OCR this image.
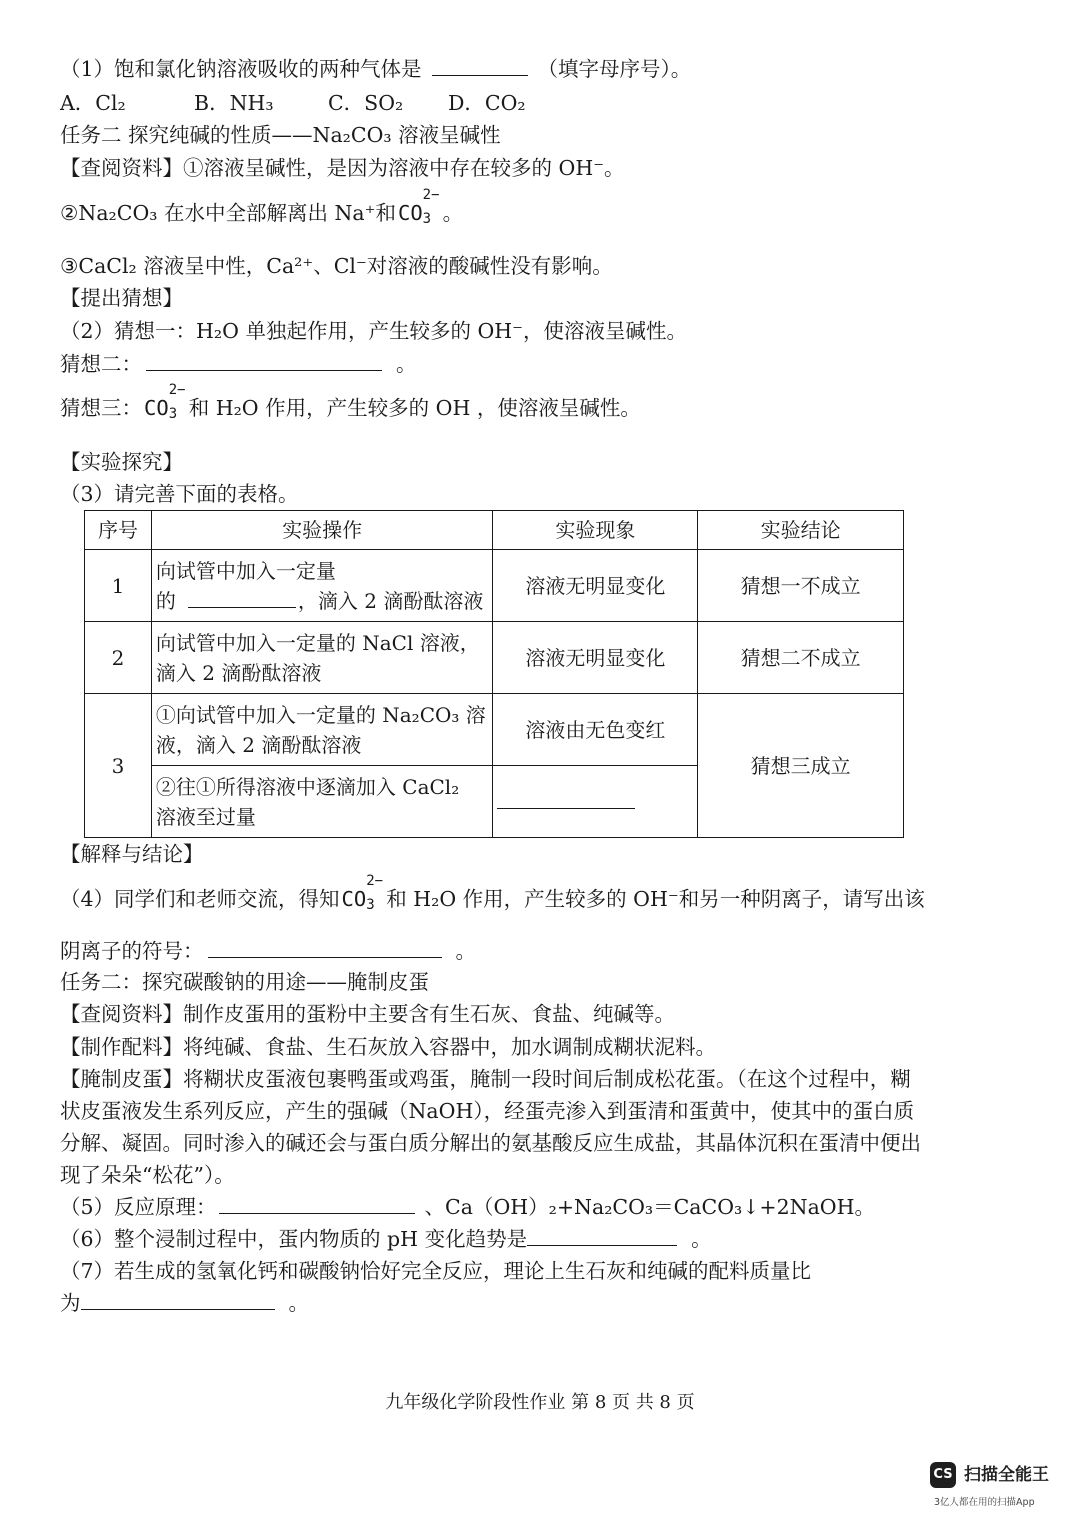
（1）饱和氯化钠溶液吸收的两种气体是	（填字母序号）。
A．Cl₂	B．NH₃	C．SO₂ D．CO₂
任务二 探究纯碱的性质——Na₂CO₃ 溶液呈碱性
【查阅资料】①溶液呈碱性，是因为溶液中存在较多的 OH⁻。
②Na₂CO₃ 在水中全部解离出 Na⁺和CO
2−
3 。
③CaCl₂ 溶液呈中性，Ca²⁺、Cl⁻对溶液的酸碱性没有影响。
【提出猜想】
（2）猜想一：H₂O 单独起作用，产生较多的 OH⁻，使溶液呈碱性。
猜想二：	。
猜想三：CO
2−
3 和 H₂O 作用，产生较多的 OH ，使溶液呈碱性。
【实验探究】
（3）请完善下面的表格。
序号	实验操作	实验现象	实验结论
1	向试管中加入一定量
的 ，滴入 2 滴酚酞溶液	溶液无明显变化	猜想一不成立
2	向试管中加入一定量的 NaCl 溶液，
滴入 2 滴酚酞溶液	溶液无明显变化	猜想二不成立
3	①向试管中加入一定量的 Na₂CO₃ 溶
液，滴入 2 滴酚酞溶液	溶液由无色变红	猜想三成立

	②往①所得溶液中逐滴加入 CaCl₂
溶液至过量		

【解释与结论】
（4）同学们和老师交流，得知CO
2−
3 和 H₂O 作用，产生较多的 OH⁻和另一种阴离子，请写出该
阴离子的符号：	。
任务二：探究碳酸钠的用途——腌制皮蛋
【查阅资料】制作皮蛋用的蛋粉中主要含有生石灰、食盐、纯碱等。
【制作配料】将纯碱、食盐、生石灰放入容器中，加水调制成糊状泥料。
【腌制皮蛋】将糊状皮蛋液包裹鸭蛋或鸡蛋，腌制一段时间后制成松花蛋。（在这个过程中，糊
状皮蛋液发生系列反应，产生的强碱（NaOH），经蛋壳渗入到蛋清和蛋黄中，使其中的蛋白质
分解、凝固。同时渗入的碱还会与蛋白质分解出的氨基酸反应生成盐，其晶体沉积在蛋清中便出
现了朵朵“松花”）。
（5）反应原理：	、Ca（OH）₂+Na₂CO₃＝CaCO₃↓+2NaOH。
（6）整个浸制过程中，蛋内物质的 pH 变化趋势是	。
（7）若生成的氢氧化钙和碳酸钠恰好完全反应，理论上生石灰和纯碱的配料质量比
为	。
九年级化学阶段性作业 第 8 页 共 8 页
CS 扫描全能王
3亿人都在用的扫描App
